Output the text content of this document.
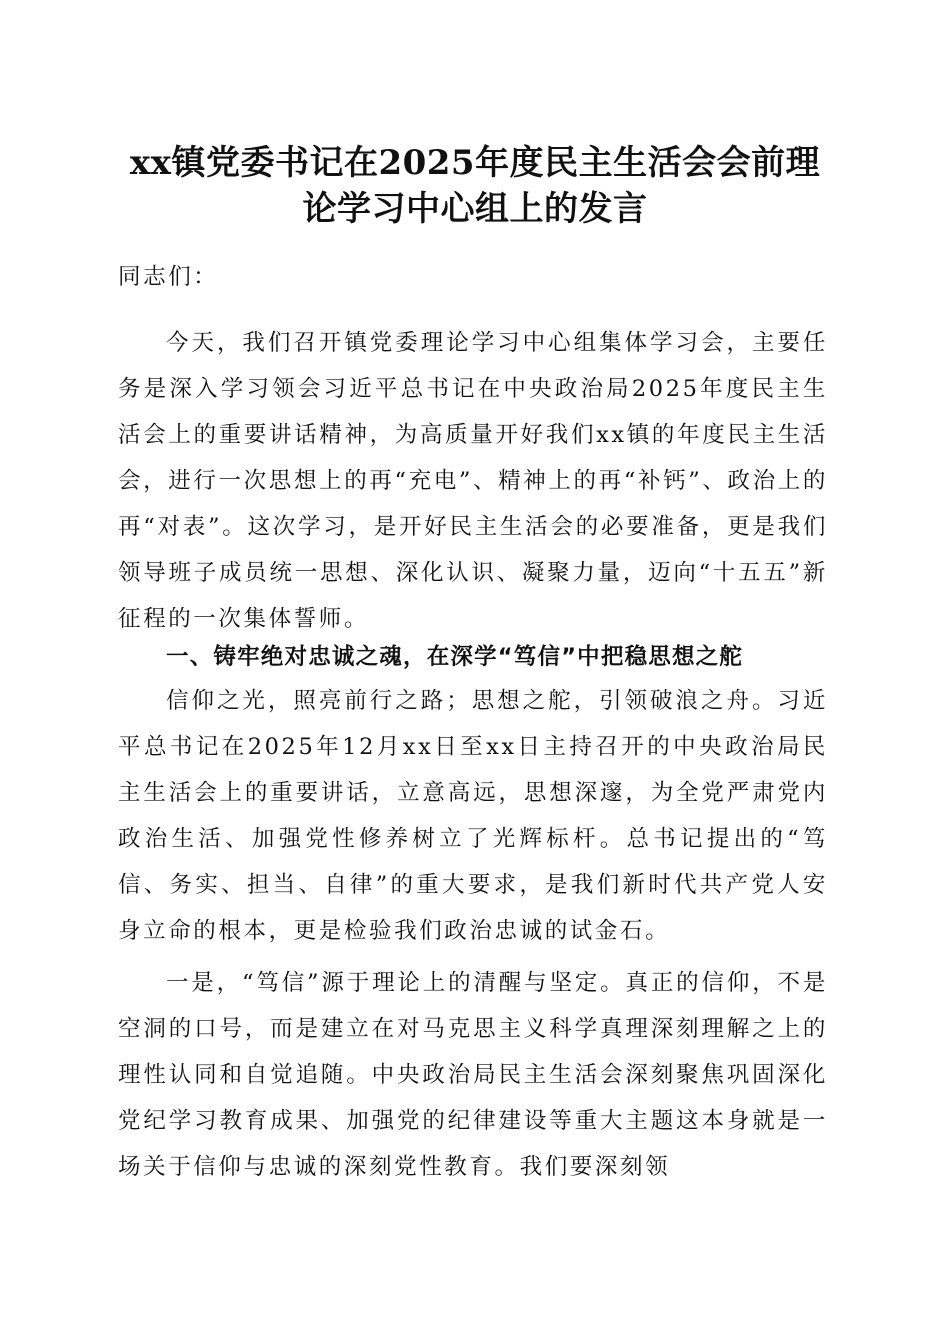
xx镇党委书记在2025年度民主生活会会前理
论学习中心组上的发言

同志们：

今天，我们召开镇党委理论学习中心组集体学习会，主要任务是深入学习领会习近平总书记在中央政治局2025年度民主生活会上的重要讲话精神，为高质量开好我们xx镇的年度民主生活会，进行一次思想上的再“充电”、精神上的再“补钙”、政治上的再“对表”。这次学习，是开好民主生活会的必要准备，更是我们领导班子成员统一思想、深化认识、凝聚力量，迈向“十五五”新征程的一次集体誓师。

一、铸牢绝对忠诚之魂，在深学“笃信”中把稳思想之舵

信仰之光，照亮前行之路；思想之舵，引领破浪之舟。习近平总书记在2025年12月xx日至xx日主持召开的中央政治局民主生活会上的重要讲话，立意高远，思想深邃，为全党严肃党内政治生活、加强党性修养树立了光辉标杆。总书记提出的“笃信、务实、担当、自律”的重大要求，是我们新时代共产党人安身立命的根本，更是检验我们政治忠诚的试金石。

一是，“笃信”源于理论上的清醒与坚定。真正的信仰，不是空洞的口号，而是建立在对马克思主义科学真理深刻理解之上的理性认同和自觉追随。中央政治局民主生活会深刻聚焦巩固深化党纪学习教育成果、加强党的纪律建设等重大主题这本身就是一场关于信仰与忠诚的深刻党性教育。我们要深刻领
